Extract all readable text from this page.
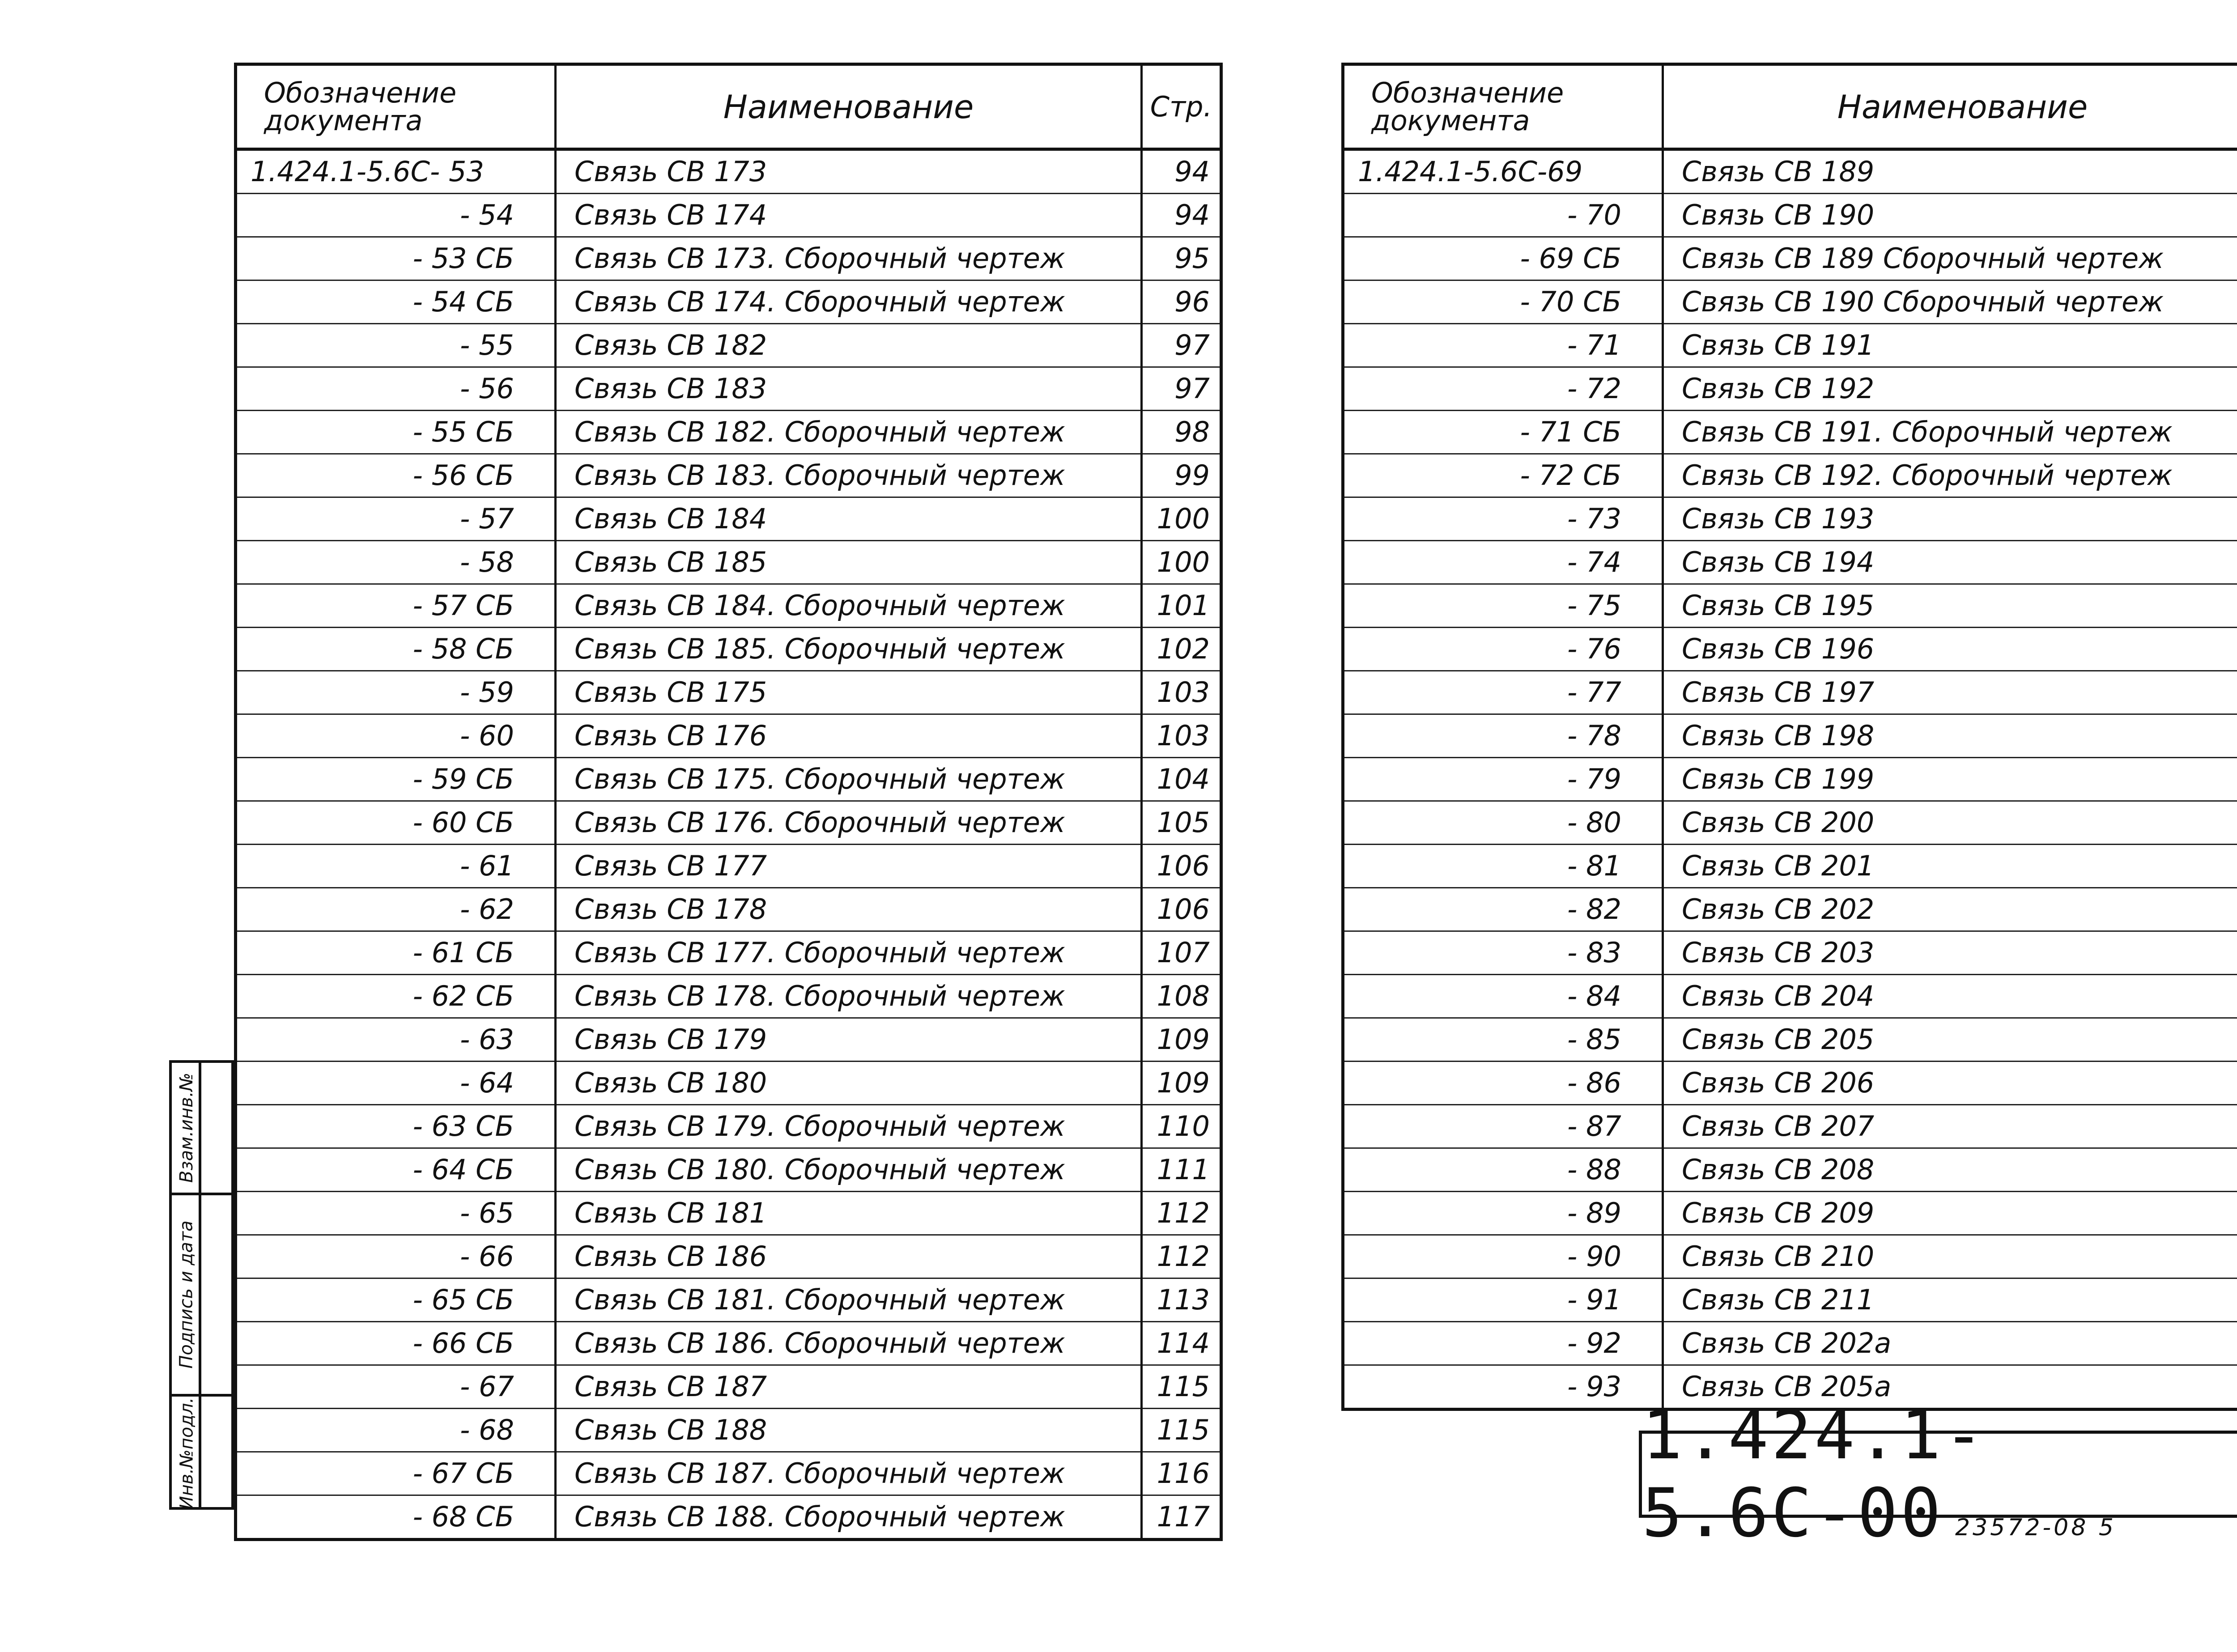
Взам.инв.№
Подпись и дата
Инв.№подл.
Обозначение документа	Наименование	Стр.
1.424.1-5.6С- 53	Связь СВ 173	94
- 54	Связь СВ 174	94
- 53 СБ	Связь СВ 173. Сборочный чертеж	95
- 54 СБ	Связь СВ 174. Сборочный чертеж	96
- 55	Связь СВ 182	97
- 56	Связь СВ 183	97
- 55 СБ	Связь СВ 182. Сборочный чертеж	98
- 56 СБ	Связь СВ 183. Сборочный чертеж	99
- 57	Связь СВ 184	100
- 58	Связь СВ 185	100
- 57 СБ	Связь СВ 184. Сборочный чертеж	101
- 58 СБ	Связь СВ 185. Сборочный чертеж	102
- 59	Связь СВ 175	103
- 60	Связь СВ 176	103
- 59 СБ	Связь СВ 175. Сборочный чертеж	104
- 60 СБ	Связь СВ 176. Сборочный чертеж	105
- 61	Связь СВ 177	106
- 62	Связь СВ 178	106
- 61 СБ	Связь СВ 177. Сборочный чертеж	107
- 62 СБ	Связь СВ 178. Сборочный чертеж	108
- 63	Связь СВ 179	109
- 64	Связь СВ 180	109
- 63 СБ	Связь СВ 179. Сборочный чертеж	110
- 64 СБ	Связь СВ 180. Сборочный чертеж	111
- 65	Связь СВ 181	112
- 66	Связь СВ 186	112
- 65 СБ	Связь СВ 181. Сборочный чертеж	113
- 66 СБ	Связь СВ 186. Сборочный чертеж	114
- 67	Связь СВ 187	115
- 68	Связь СВ 188	115
- 67 СБ	Связь СВ 187. Сборочный чертеж	116
- 68 СБ	Связь СВ 188. Сборочный чертеж	117
Обозначение документа	Наименование	
1.424.1-5.6С-69	Связь СВ 189	
- 70	Связь СВ 190	
- 69 СБ	Связь СВ 189 Сборочный чертеж	
- 70 СБ	Связь СВ 190 Сборочный чертеж	
- 71	Связь СВ 191	
- 72	Связь СВ 192	
- 71 СБ	Связь СВ 191. Сборочный чертеж	
- 72 СБ	Связь СВ 192. Сборочный чертеж	
- 73	Связь СВ 193	
- 74	Связь СВ 194	
- 75	Связь СВ 195	
- 76	Связь СВ 196	
- 77	Связь СВ 197	
- 78	Связь СВ 198	
- 79	Связь СВ 199	
- 80	Связь СВ 200	
- 81	Связь СВ 201	
- 82	Связь СВ 202	
- 83	Связь СВ 203	
- 84	Связь СВ 204	
- 85	Связь СВ 205	
- 86	Связь СВ 206	
- 87	Связь СВ 207	
- 88	Связь СВ 208	
- 89	Связь СВ 209	
- 90	Связь СВ 210	
- 91	Связь СВ 211	
- 92	Связь СВ 202а	
- 93	Связь СВ 205а	
1.424.1-5.6С-00 23572-08 5
